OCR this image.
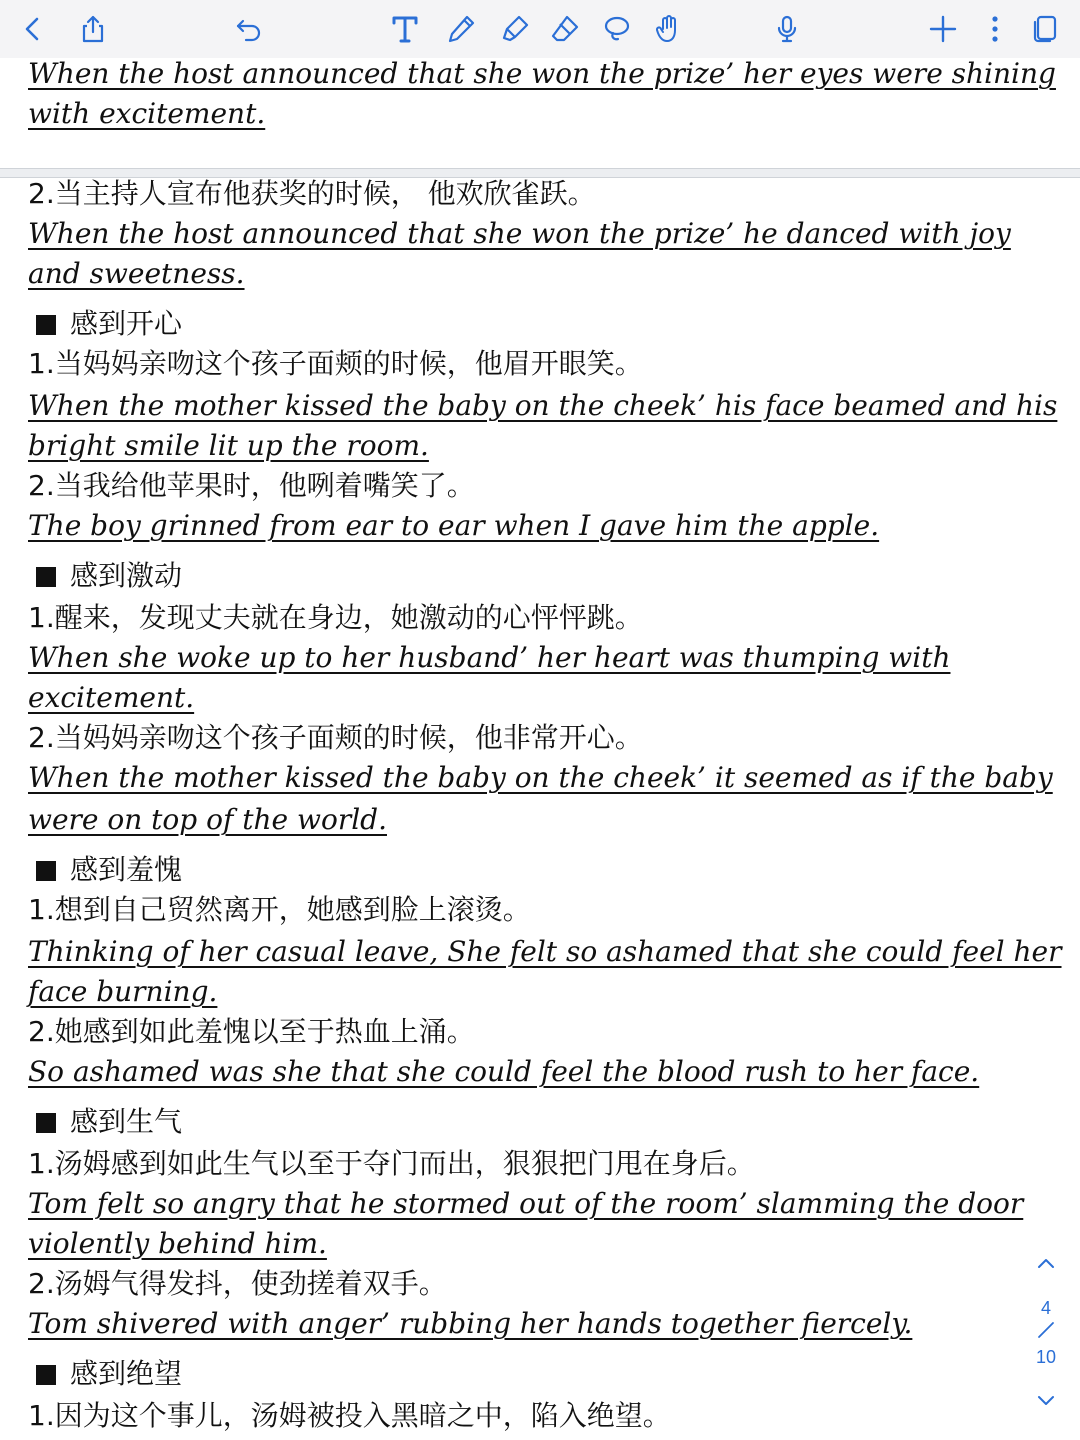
When the host announced that she won the prize’ her eyes were shining
with excitement.
2.当主持人宣布他获奖的时候， 他欢欣雀跃。
When the host announced that she won the prize’ he danced with joy
and sweetness.
感到开心
1.当妈妈亲吻这个孩子面颊的时候，他眉开眼笑。
When the mother kissed the baby on the cheek’ his face beamed and his
bright smile lit up the room.
2.当我给他苹果时，他咧着嘴笑了。
The boy grinned from ear to ear when I gave him the apple.
感到激动
1.醒来，发现丈夫就在身边，她激动的心怦怦跳。
When she woke up to her husband’ her heart was thumping with
excitement.
2.当妈妈亲吻这个孩子面颊的时候，他非常开心。
When the mother kissed the baby on the cheek’ it seemed as if the baby
were on top of the world.
感到羞愧
1.想到自己贸然离开，她感到脸上滚烫。
Thinking of her casual leave, She felt so ashamed that she could feel her
face burning.
2.她感到如此羞愧以至于热血上涌。
So ashamed was she that she could feel the blood rush to her face.
感到生气
1.汤姆感到如此生气以至于夺门而出，狠狠把门甩在身后。
Tom felt so angry that he stormed out of the room’ slamming the door
violently behind him.
2.汤姆气得发抖，使劲搓着双手。
Tom shivered with anger’ rubbing her hands together fiercely.
感到绝望
1.因为这个事儿，汤姆被投入黑暗之中，陷入绝望。
4
10
